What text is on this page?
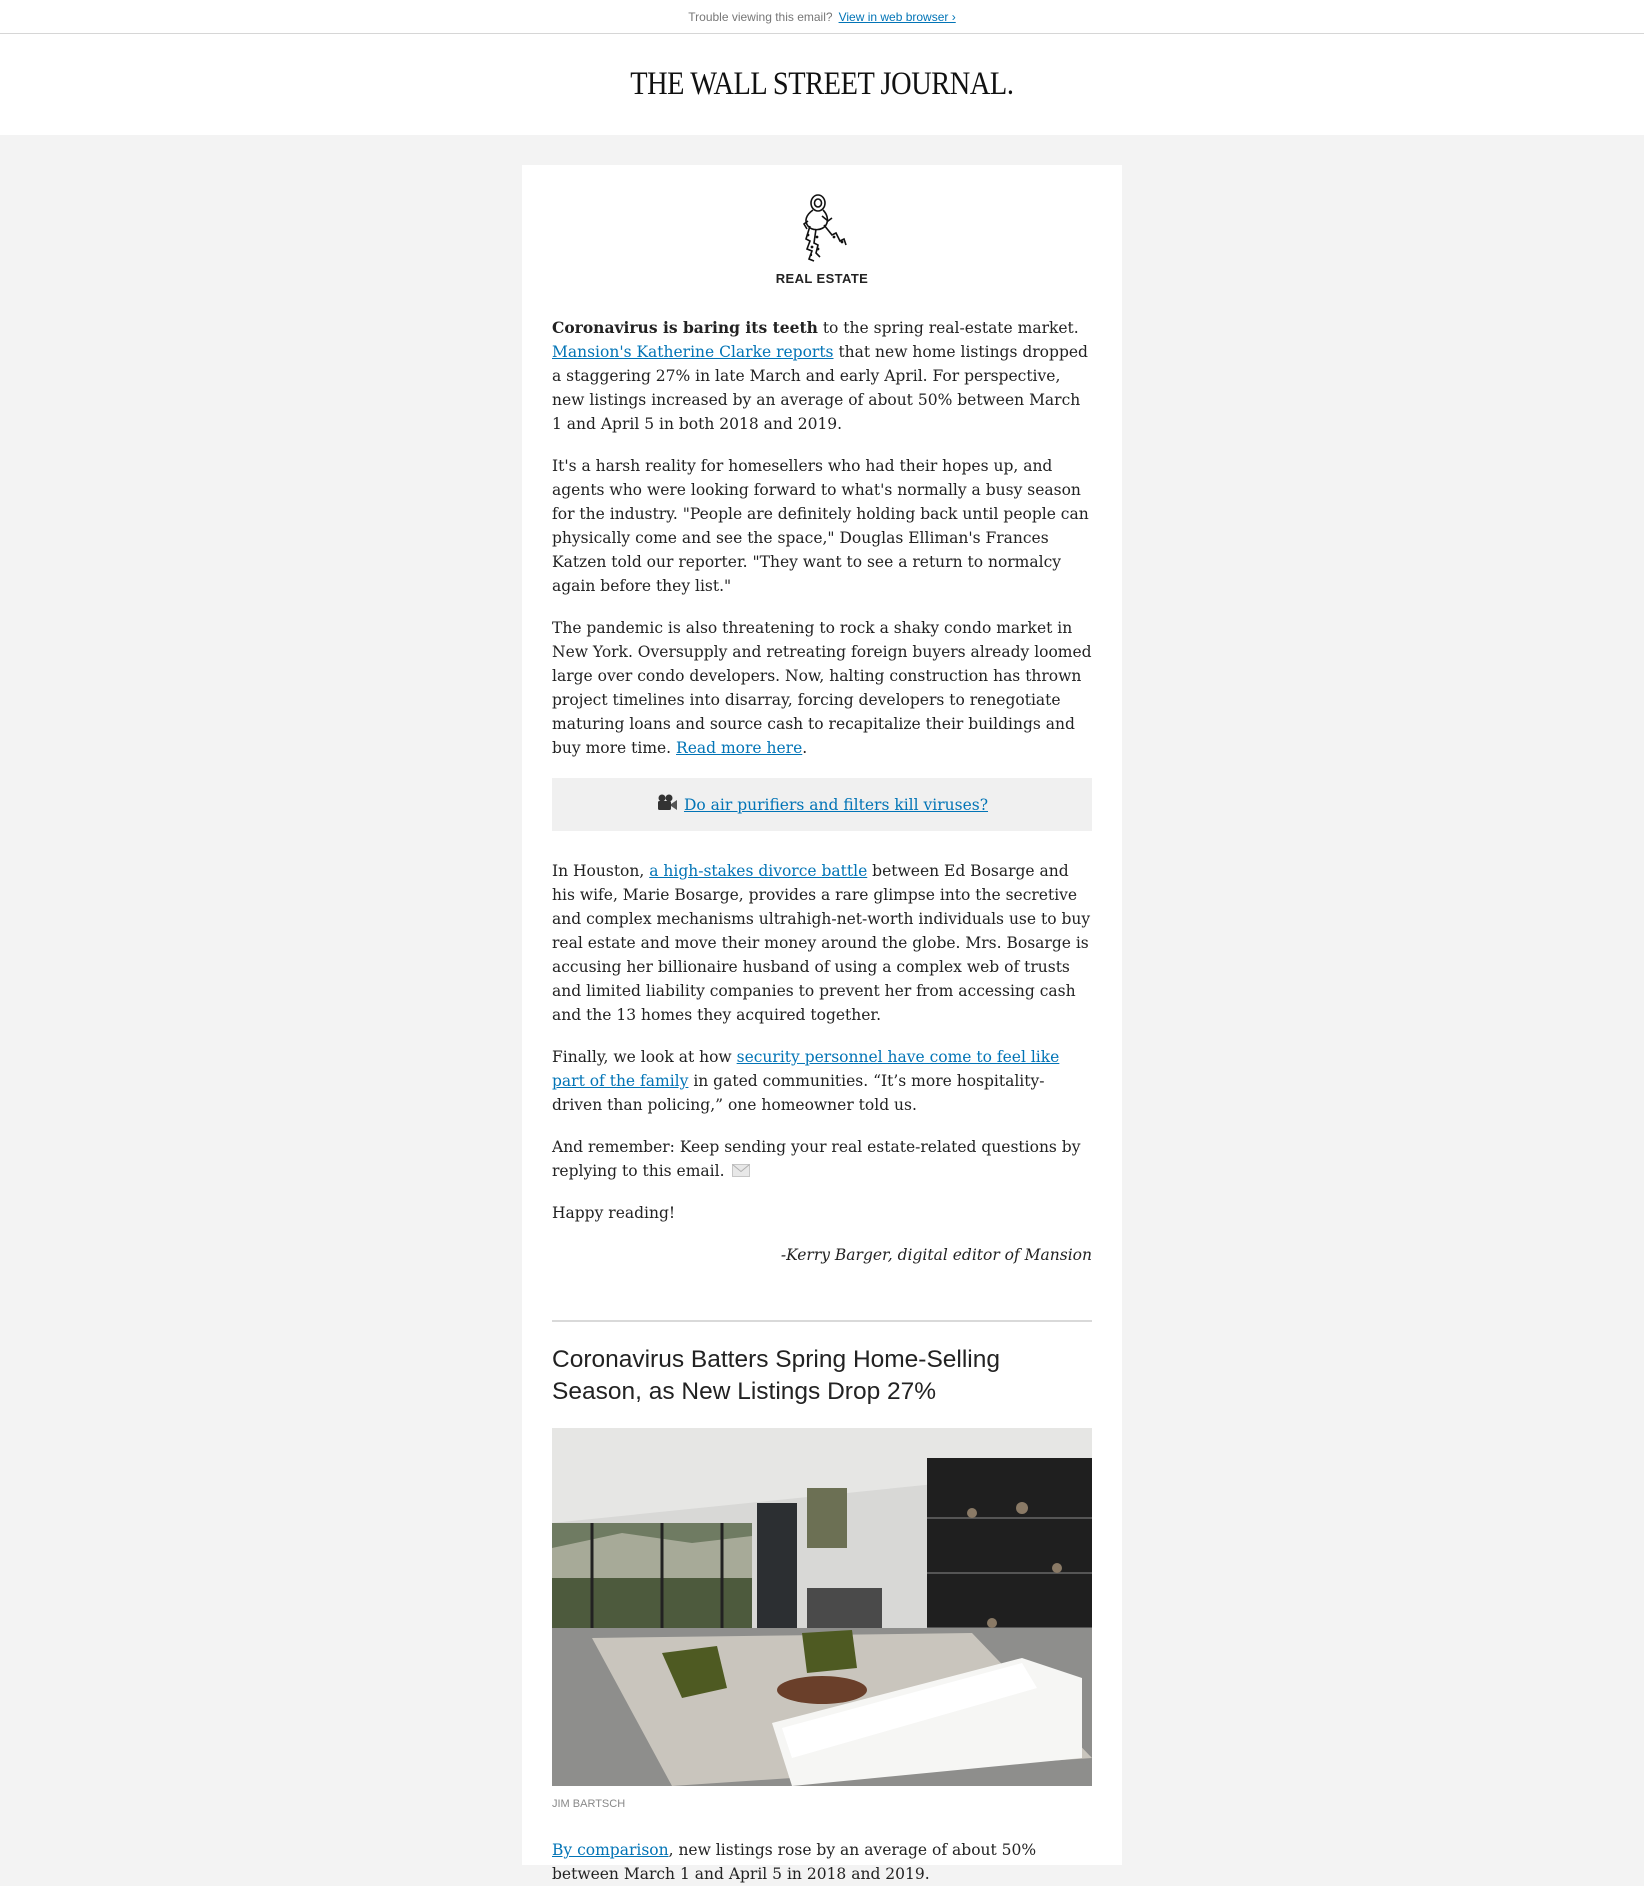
Trouble viewing this email? View in web browser ›
THE WALL STREET JOURNAL.
REAL ESTATE

Coronavirus is baring its teeth to the spring real-estate market. Mansion's Katherine Clarke reports that new home listings dropped a staggering 27% in late March and early April. For perspective, new listings increased by an average of about 50% between March 1 and April 5 in both 2018 and 2019.

It's a harsh reality for homesellers who had their hopes up, and agents who were looking forward to what's normally a busy season for the industry. "People are definitely holding back until people can physically come and see the space," Douglas Elliman's Frances Katzen told our reporter. "They want to see a return to normalcy again before they list."

The pandemic is also threatening to rock a shaky condo market in New York. Oversupply and retreating foreign buyers already loomed large over condo developers. Now, halting construction has thrown project timelines into disarray, forcing developers to renegotiate maturing loans and source cash to recapitalize their buildings and buy more time. Read more here.

Do air purifiers and filters kill viruses?

In Houston, a high-stakes divorce battle between Ed Bosarge and his wife, Marie Bosarge, provides a rare glimpse into the secretive and complex mechanisms ultrahigh-net-worth individuals use to buy real estate and move their money around the globe. Mrs. Bosarge is accusing her billionaire husband of using a complex web of trusts and limited liability companies to prevent her from accessing cash and the 13 homes they acquired together.

Finally, we look at how security personnel have come to feel like part of the family in gated communities. “It’s more hospitality-driven than policing,” one homeowner told us.

And remember: Keep sending your real estate-related questions by replying to this email.

Happy reading!

-Kerry Barger, digital editor of Mansion

Coronavirus Batters Spring Home-Selling Season, as New Listings Drop 27%
JIM BARTSCH

By comparison, new listings rose by an average of about 50% between March 1 and April 5 in 2018 and 2019.
